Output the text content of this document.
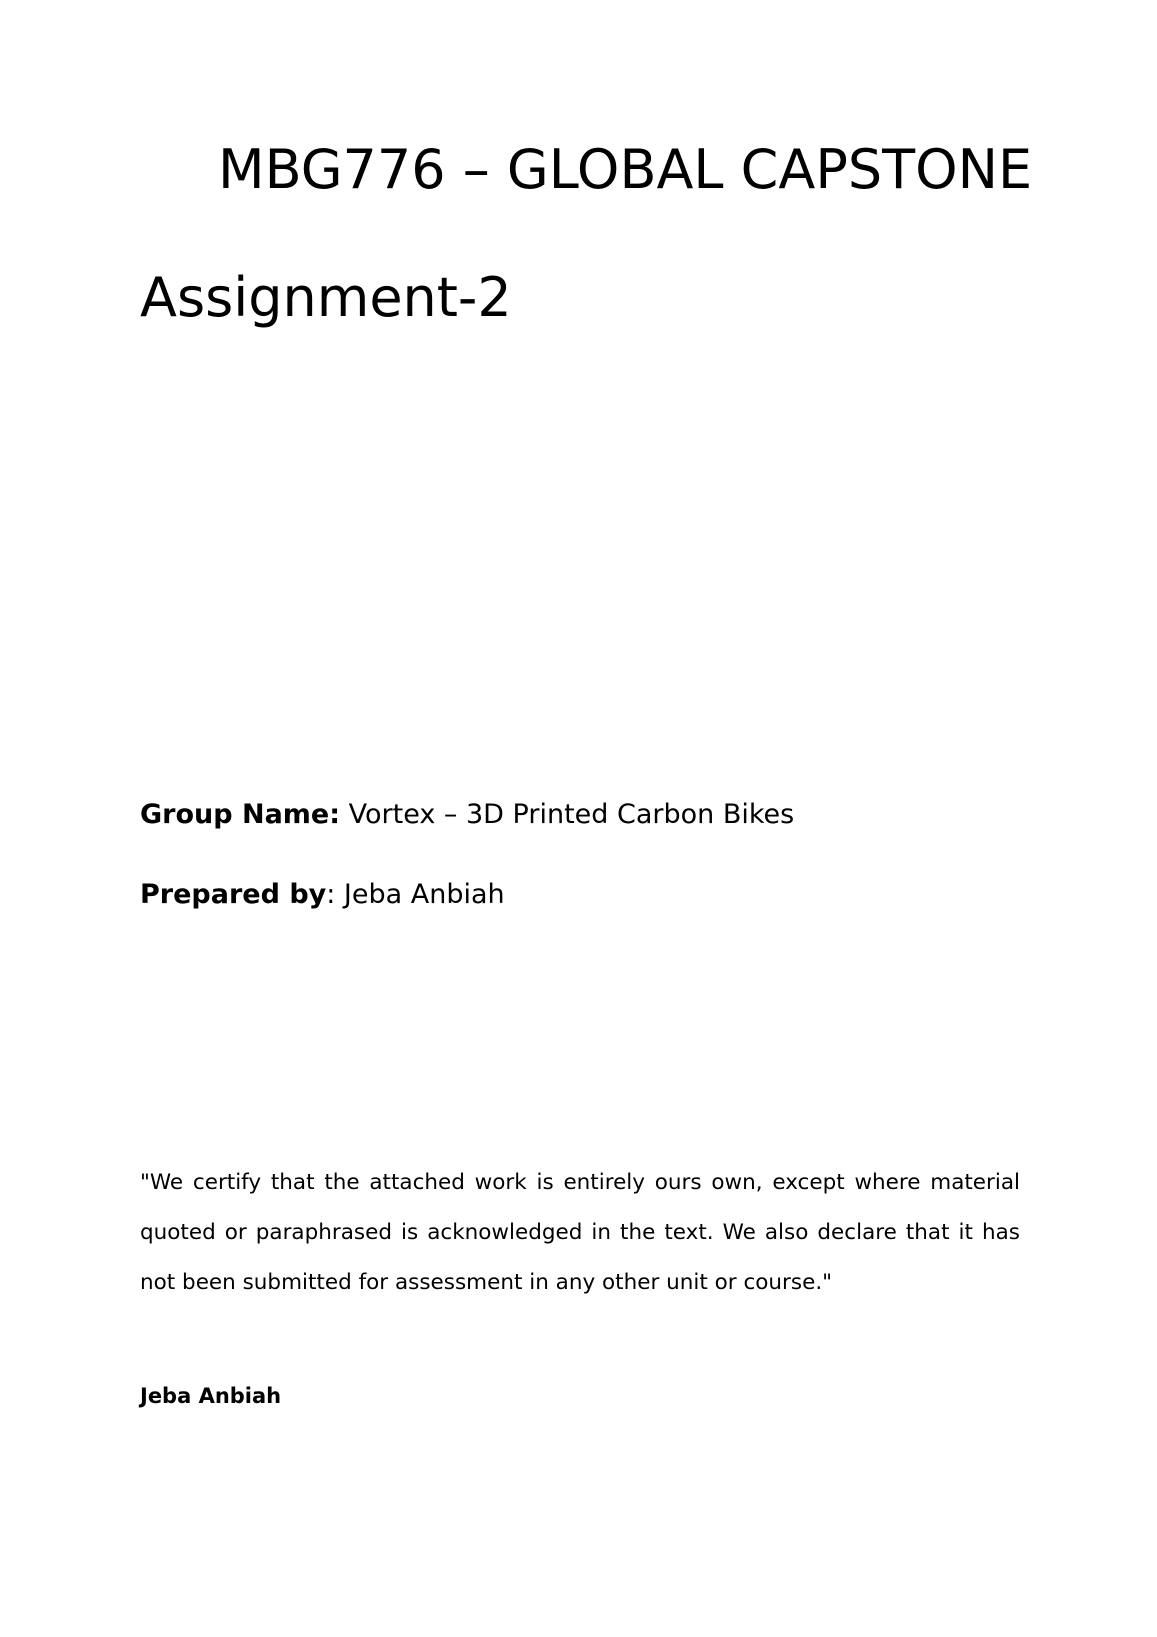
MBG776 – GLOBAL CAPSTONE
Assignment-2
Group Name: Vortex – 3D Printed Carbon Bikes
Prepared by: Jeba Anbiah

"We certify that the attached work is entirely ours own, except where material quoted or paraphrased is acknowledged in the text. We also declare that it has not been submitted for assessment in any other unit or course."

Jeba Anbiah
